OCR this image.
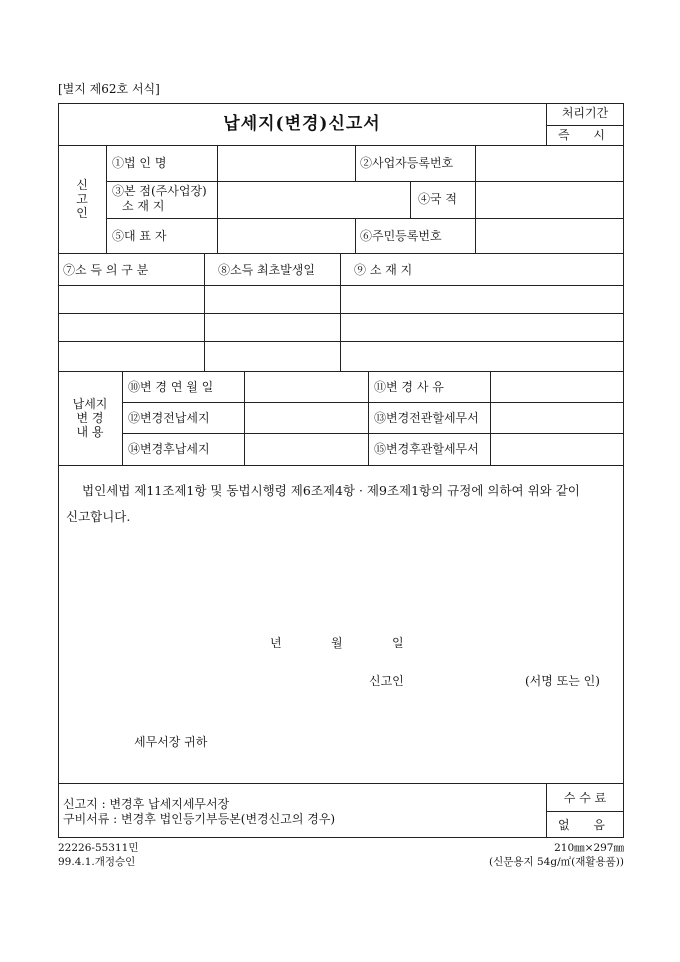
[별지 제62호 서식]
납세지(변경)신고서
처리기간
즉 시
신
고
인
①법 인 명	②사업자등록번호
③본 점(주사업장)
소 재 지	④국 적
⑤대 표 자	⑥주민등록번호
⑦소 득 의 구 분	⑧소득 최초발생일	⑨ 소 재 지
납세지
변 경
내 용
⑩변 경 연 월 일	⑪변 경 사 유
⑫변경전납세지	⑬변경전관할세무서
⑭변경후납세지	⑮변경후관할세무서
법인세법 제11조제1항 및 동법시행령 제6조제4항 · 제9조제1항의 규정에 의하여 위와 같이
신고합니다.
년	월	일
신고인	(서명 또는 인)
세무서장 귀하
신고지 : 변경후 납세지세무서장
구비서류 : 변경후 법인등기부등본(변경신고의 경우)
수 수 료
없 음
22226-55311민
99.4.1.개정승인
210㎜×297㎜
(신문용지 54g/㎡(재활용품))
